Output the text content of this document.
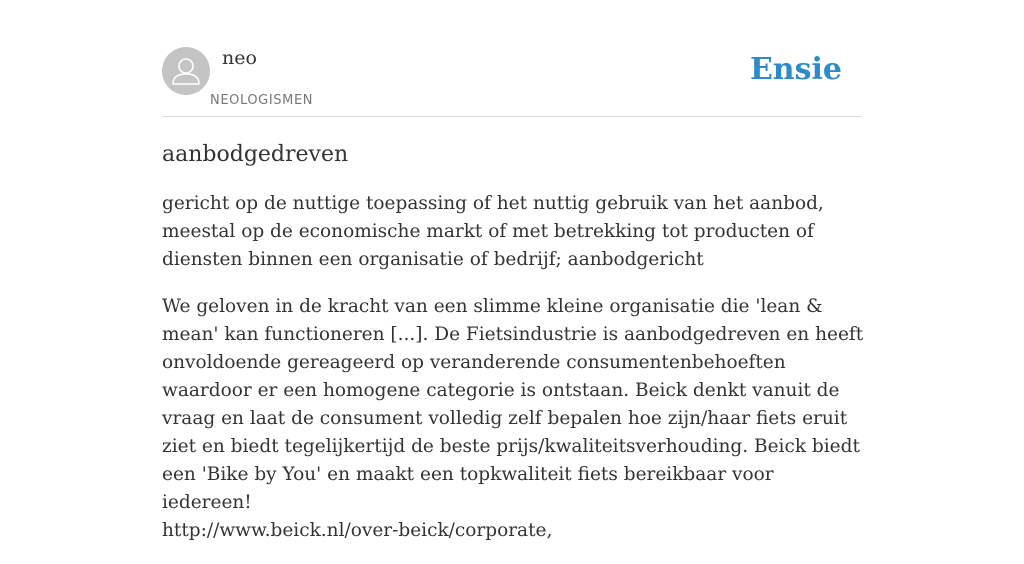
neo
NEOLOGISMEN
Ensie
aanbodgedreven

gericht op de nuttige toepassing of het nuttig gebruik van het aanbod, meestal op de economische markt of met betrekking tot producten of diensten binnen een organisatie of bedrijf; aanbodgericht

We geloven in de kracht van een slimme kleine organisatie die 'lean & mean' kan functioneren [...]. De Fietsindustrie is aanbodgedreven en heeft onvoldoende gereageerd op veranderende consumentenbehoeften waardoor er een homogene categorie is ontstaan. Beick denkt vanuit de vraag en laat de consument volledig zelf bepalen hoe zijn/haar fiets eruit ziet en biedt tegelijkertijd de beste prijs/kwaliteitsverhouding. Beick biedt een 'Bike by You' en maakt een topkwaliteit fiets bereikbaar voor iedereen!
http://www.beick.nl/over-beick/corporate,
